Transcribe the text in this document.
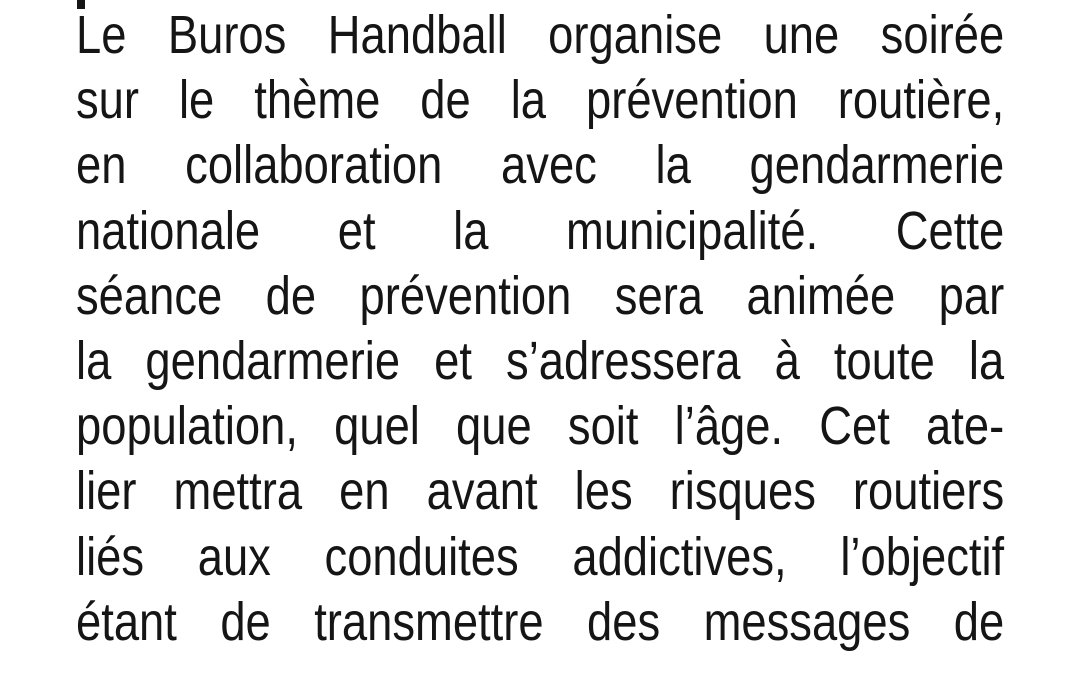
Le Buros Handball organise une soirée
sur le thème de la prévention routière,
en collaboration avec la gendarmerie
nationale et la municipalité. Cette
séance de prévention sera animée par
la gendarmerie et s’adressera à toute la
population, quel que soit l’âge. Cet ate-
lier mettra en avant les risques routiers
liés aux conduites addictives, l’objectif
étant de transmettre des messages de
